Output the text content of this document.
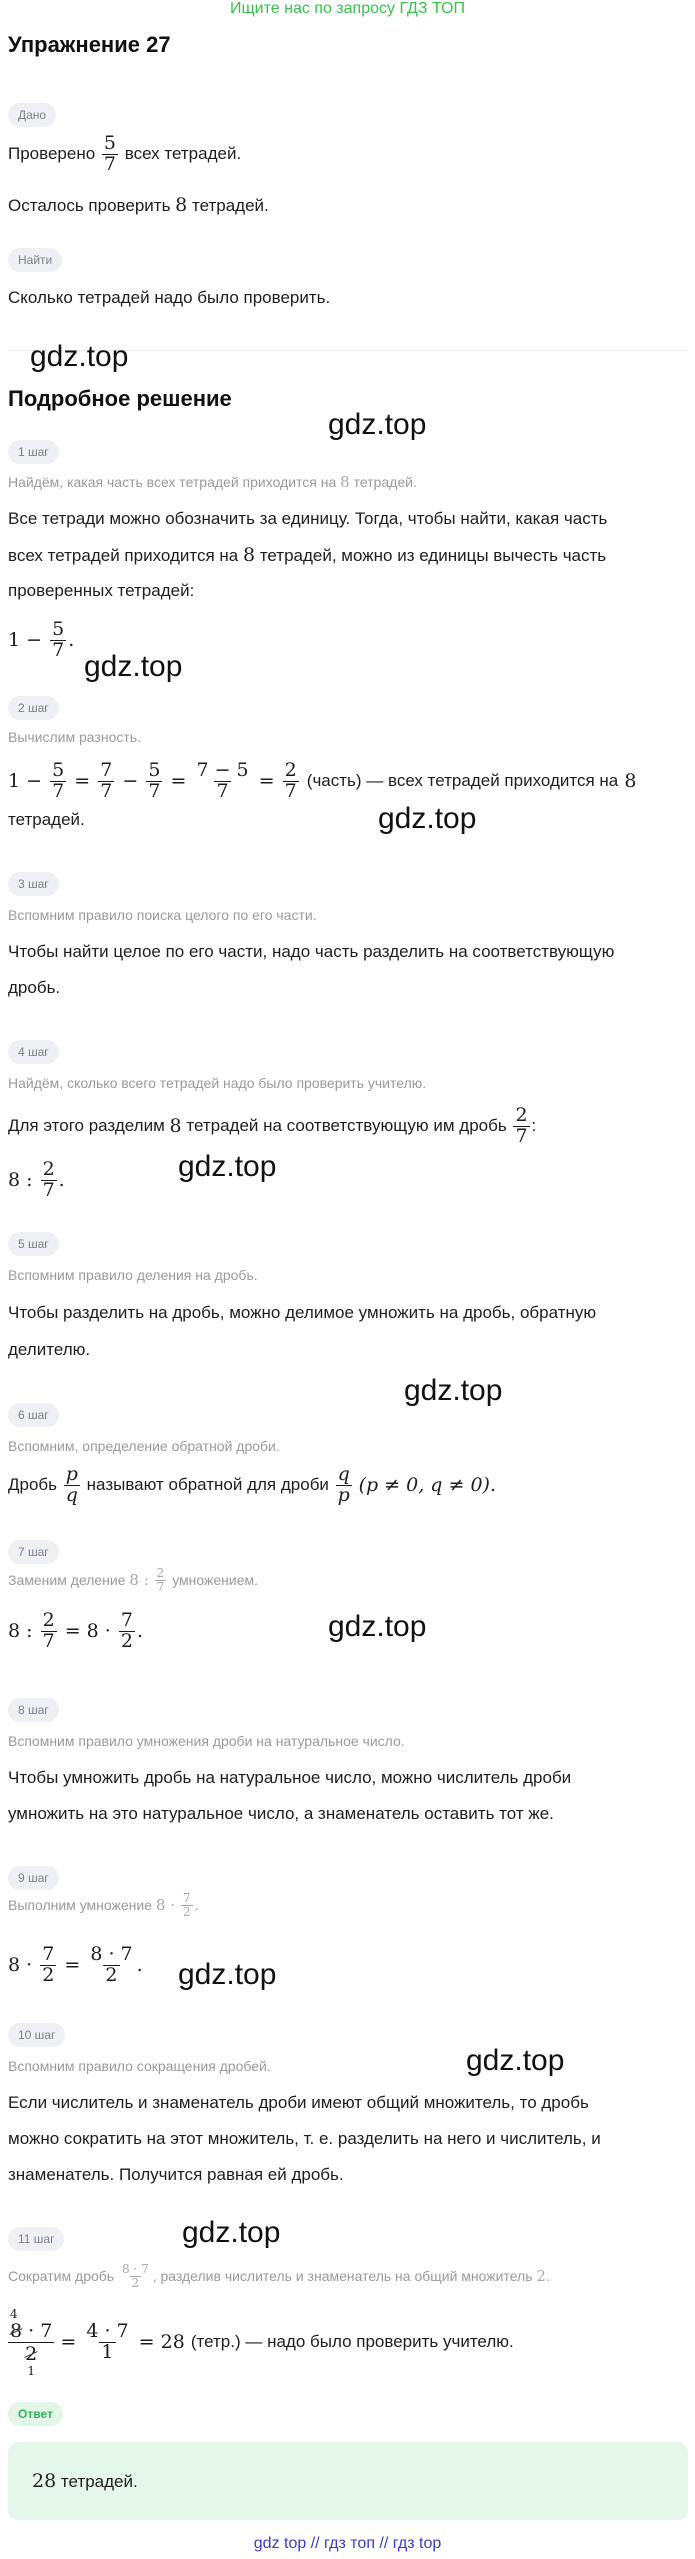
Ищите нас по запросу ГДЗ ТОП
Упражнение 27
Дано
Проверено
$\frac{5}{7}$
всех тетрадей.
Осталось проверить 8 тетрадей.
Найти
Сколько тетрадей надо было проверить.
gdz.top
Подробное решение
gdz.top
1 шаг
Найдём, какая часть всех тетрадей приходится на 8 тетрадей.
Все тетради можно обозначить за единицу. Тогда, чтобы найти, какая часть
всех тетрадей приходится на 8 тетрадей, можно из единицы вычесть часть
проверенных тетрадей:
1 −
$\frac{5}{7}$ .
gdz.top
2 шаг
Вычислим разность.
1 −
$\frac{5}{7}$
=
$\frac{7}{7}$
−
$\frac{5}{7}$
=
$\frac{7 - 5}{7}$
=
$\frac{2}{7}$
(часть) — всех тетрадей приходится на
8
тетрадей.	gdz.top
3 шаг
Вспомним правило поиска целого по его части.
Чтобы найти целое по его части, надо часть разделить на соответствующую
дробь.
4 шаг
Найдём, сколько всего тетрадей надо было проверить учителю.
Для этого разделим
8
тетрадей на соответствующую им дробь
$\frac{2}{7}$ :
8 :
$\frac{2}{7}$ .	gdz.top
5 шаг
Вспомним правило деления на дробь.
Чтобы разделить на дробь, можно делимое умножить на дробь, обратную
делителю.
gdz.top
6 шаг
Вспомним, определение обратной дроби.
Дробь
$\frac{p}{q}$
называют обратной для дроби
$\frac{q}{p}$
(p ≠ 0, q ≠ 0).
7 шаг
Заменим деление
8 :
$\frac{2}{7}$
умножением.
8 :
$\frac{2}{7}$
= 8 ·
$\frac{7}{2}$ .	gdz.top
8 шаг
Вспомним правило умножения дроби на натуральное число.
Чтобы умножить дробь на натуральное число, можно числитель дроби
умножить на это натуральное число, а знаменатель оставить тот же.
9 шаг
Выполним умножение
8 ·
$\frac{7}{2}$ .
8 ·
$\frac{7}{2}$
=
$\frac{8 \cdot 7}{2}$ . gdz.top
10 шаг
Вспомним правило сокращения дробей.	gdz.top
Если числитель и знаменатель дроби имеют общий множитель, то дробь
можно сократить на этот множитель, т. е. разделить на него и числитель, и
знаменатель. Получится равная ей дробь.
11 шаг	gdz.top
Сократим дробь
$\frac{8 \cdot 7}{2}$ , разделив числитель и знаменатель на общий множитель
2 .
4
8 · 7
2
1

=
$\frac{4 \cdot 7}{1}$
= 28
(тетр.) — надо было проверить учителю.
Ответ
28 тетрадей.
gdz top // гдз топ // гдз top
